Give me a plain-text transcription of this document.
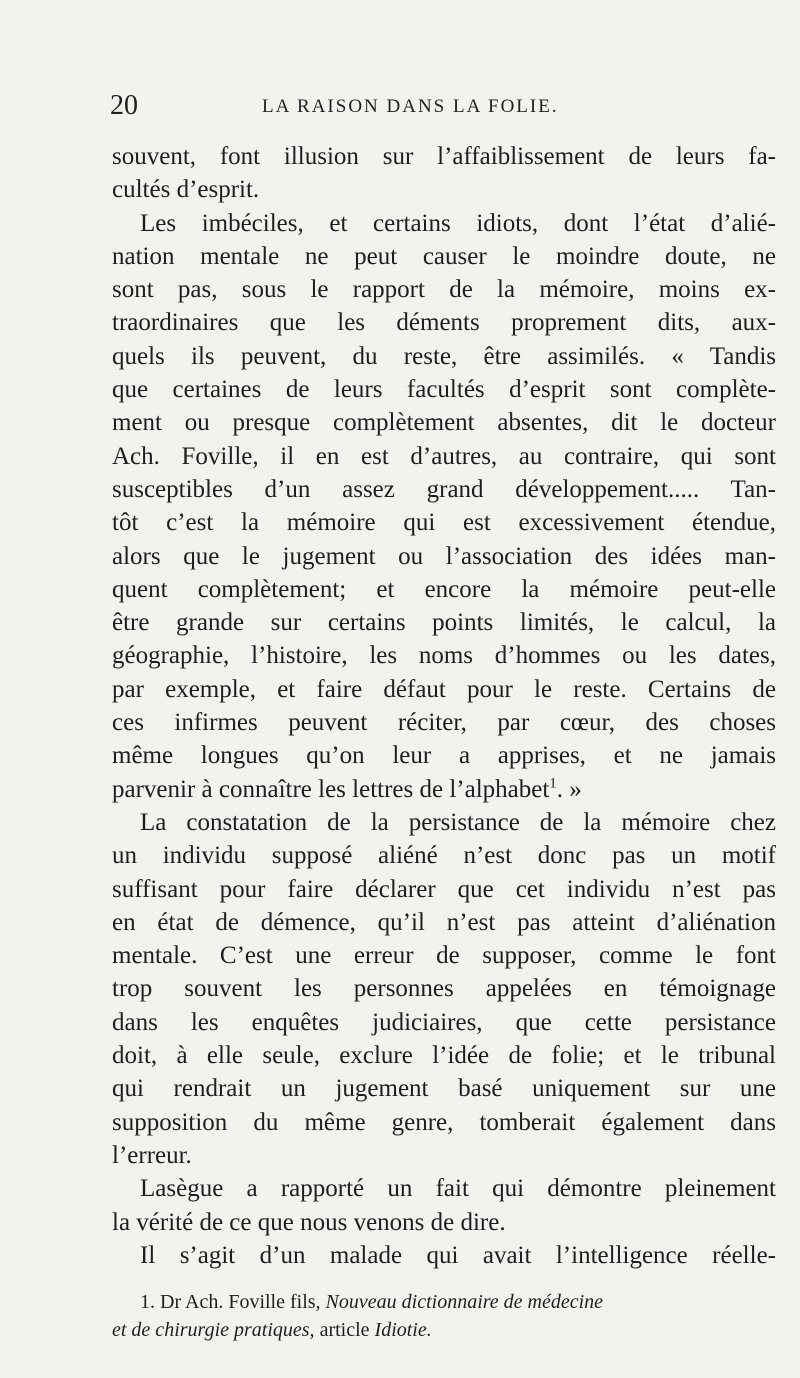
20	LA RAISON DANS LA FOLIE.

souvent, font illusion sur l’affaiblissement de leurs fa-
cultés d’esprit.

Les imbéciles, et certains idiots, dont l’état d’alié-
nation mentale ne peut causer le moindre doute, ne
sont pas, sous le rapport de la mémoire, moins ex-
traordinaires que les déments proprement dits, aux-
quels ils peuvent, du reste, être assimilés. « Tandis
que certaines de leurs facultés d’esprit sont complète-
ment ou presque complètement absentes, dit le docteur
Ach. Foville, il en est d’autres, au contraire, qui sont
susceptibles d’un assez grand développement..... Tan-
tôt c’est la mémoire qui est excessivement étendue,
alors que le jugement ou l’association des idées man-
quent complètement; et encore la mémoire peut-elle
être grande sur certains points limités, le calcul, la
géographie, l’histoire, les noms d’hommes ou les dates,
par exemple, et faire défaut pour le reste. Certains de
ces infirmes peuvent réciter, par cœur, des choses
même longues qu’on leur a apprises, et ne jamais
parvenir à connaître les lettres de l’alphabet$^1$. »

La constatation de la persistance de la mémoire chez
un individu supposé aliéné n’est donc pas un motif
suffisant pour faire déclarer que cet individu n’est pas
en état de démence, qu’il n’est pas atteint d’aliénation
mentale. C’est une erreur de supposer, comme le font
trop souvent les personnes appelées en témoignage
dans les enquêtes judiciaires, que cette persistance
doit, à elle seule, exclure l’idée de folie; et le tribunal
qui rendrait un jugement basé uniquement sur une
supposition du même genre, tomberait également dans
l’erreur.

Lasègue a rapporté un fait qui démontre pleinement
la vérité de ce que nous venons de dire.

Il s’agit d’un malade qui avait l’intelligence réelle-

1. Dr Ach. Foville fils, Nouveau dictionnaire de médecine
et de chirurgie pratiques, article Idiotie.
